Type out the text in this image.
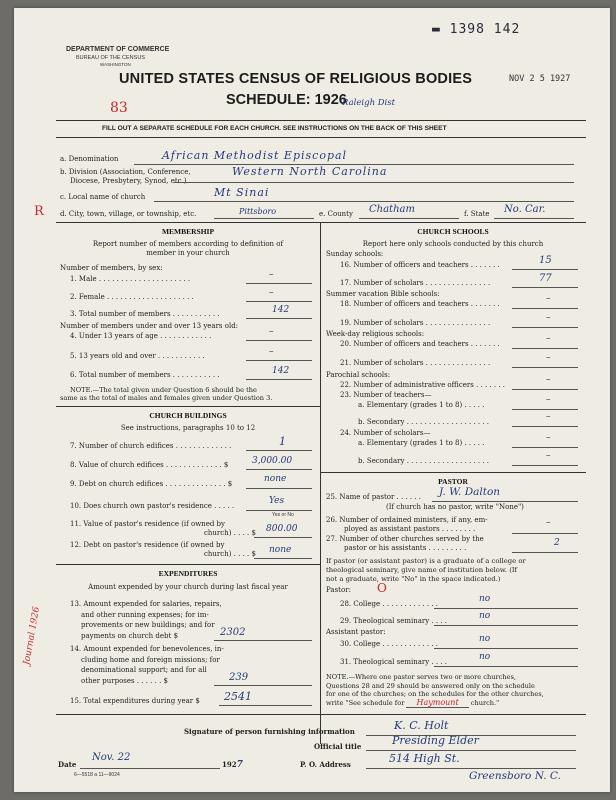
DEPARTMENT OF COMMERCE
BUREAU OF THE CENSUS
WASHINGTON
▬ 1398 142
NOV 2 5 1927
UNITED STATES CENSUS OF RELIGIOUS BODIES
SCHEDULE: 1926
Raleigh Dist
83
FILL OUT A SEPARATE SCHEDULE FOR EACH CHURCH. SEE INSTRUCTIONS ON THE BACK OF THIS SHEET
a. Denomination	African Methodist Episcopal
b. Division (Association, Conference,
Diocese, Presbytery, Synod, etc.)
Western North Carolina
R
c. Local name of church	Mt Sinai
d. City, town, village, or township, etc.	Pittsboro	e. County Chatham	f. State No. Car.
MEMBERSHIP
Report number of members according to definition of
member in your church
Number of members, by sex:
1. Male . . . . . . . . . . . . . . . . . . . . .	–
2. Female . . . . . . . . . . . . . . . . . . . .	–
3. Total number of members . . . . . . . . . . .	142
Number of members under and over 13 years old:
4. Under 13 years of age . . . . . . . . . . . .	–
5. 13 years old and over . . . . . . . . . . .	–
6. Total number of members . . . . . . . . . . .	142
NOTE.—The total given under Question 6 should be the
same as the total of males and females given under Question 3.
CHURCH BUILDINGS
See instructions, paragraphs 10 to 12
7. Number of church edifices . . . . . . . . . . . . .	1
8. Value of church edifices . . . . . . . . . . . . . $	3,000.00
9. Debt on church edifices . . . . . . . . . . . . . . $	none
10. Does church own pastor's residence . . . . .	Yes
Yes or No
11. Value of pastor's residence (if owned by
church) . . . . $ 800.00
12. Debt on pastor's residence (if owned by
church) . . . . $ none
EXPENDITURES
Amount expended by your church during last fiscal year
13. Amount expended for salaries, repairs,
and other running expenses; for im-
provements or new buildings; and for
payments on church debt $	2302
14. Amount expended for benevolences, in-
cluding home and foreign missions; for
denominational support; and for all
other purposes . . . . . . $	239
15. Total expenditures during year $ 2541
Journal 1926
CHURCH SCHOOLS
Report here only schools conducted by this church
Sunday schools:
16. Number of officers and teachers . . . . . . .	15
17. Number of scholars . . . . . . . . . . . . . . .	77
Summer vacation Bible schools:
18. Number of officers and teachers . . . . . . .	–
19. Number of scholars . . . . . . . . . . . . . . .	–
Week-day religious schools:
20. Number of officers and teachers . . . . . . .	–
21. Number of scholars . . . . . . . . . . . . . . .	–
Parochial schools:
22. Number of administrative officers . . . . . . .	–
23. Number of teachers—
a. Elementary (grades 1 to 8) . . . . .	–
b. Secondary . . . . . . . . . . . . . . . . . . .	–
24. Number of scholars—
a. Elementary (grades 1 to 8) . . . . .	–
b. Secondary . . . . . . . . . . . . . . . . . . .	–
PASTOR
25. Name of pastor . . . . . . J. W. Dalton
(If church has no pastor, write "None")
26. Number of ordained ministers, if any, em-
ployed as assistant pastors . . . . . . . .
–
27. Number of other churches served by the
pastor or his assistants . . . . . . . . .	2
If pastor (or assistant pastor) is a graduate of a college or
theological seminary, give name of institution below. (If
not a graduate, write "No" in the space indicated.)
Pastor: O
28. College . . . . . . . . . . . . .	no
29. Theological seminary . . . .	no
Assistant pastor:
30. College . . . . . . . . . . . . .	no
31. Theological seminary . . . .	no
NOTE.—Where one pastor serves two or more churches,
Questions 28 and 29 should be answered only on the schedule
for one of the churches; on the schedules for the other churches,
write "See schedule for Haymount church."
Signature of person furnishing information	K. C. Holt
Official title	Presiding Elder
Date
Nov. 22
1927	P. O. Address	514 High St.
Greensboro N. C.
6—5518 a 11—9024
